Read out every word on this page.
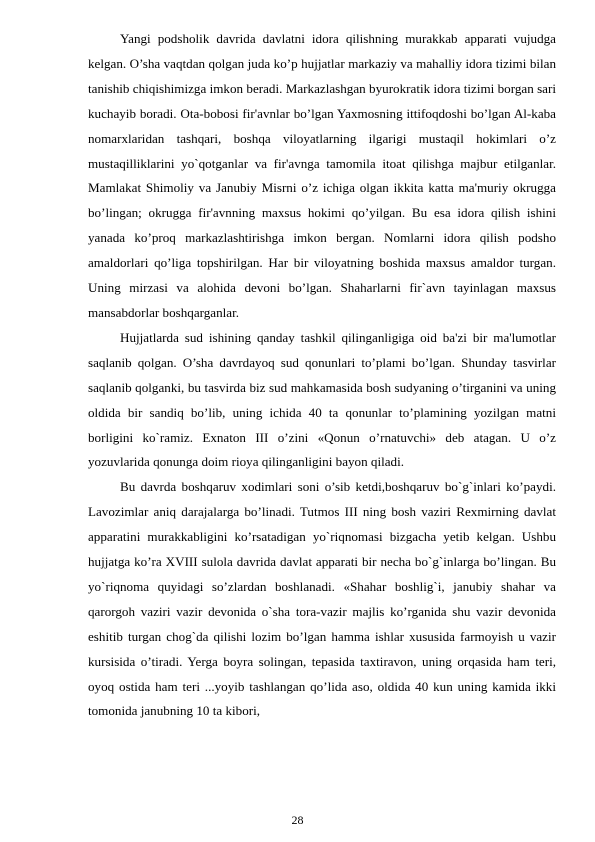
Yangi podsholik davrida davlatni idora qilishning murakkab apparati vujudga kelgan. O’sha vaqtdan qolgan juda ko’p hujjatlar markaziy va mahalliy idora tizimi bilan tanishib chiqishimizga imkon beradi. Markazlashgan byurokratik idora tizimi borgan sari kuchayib boradi. Ota-bobosi fir'avnlar bo’lgan Yaxmosning ittifoqdoshi bo’lgan Al-kaba nomarxlaridan tashqari, boshqa viloyatlarning ilgarigi mustaqil hokimlari o’z mustaqilliklarini yo`qotganlar va fir'avnga tamomila itoat qilishga majbur etilganlar. Mamlakat Shimoliy va Janubiy Misrni o’z ichiga olgan ikkita katta ma'muriy okrugga bo’lingan; okrugga fir'avnning maxsus hokimi qo’yilgan. Bu esa idora qilish ishini yanada ko’proq markazlashtirishga imkon bergan. Nomlarni idora qilish podsho amaldorlari qo’liga topshirilgan. Har bir viloyatning boshida maxsus amaldor turgan. Uning mirzasi va alohida devoni bo’lgan. Shaharlarni fir`avn tayinlagan maxsus mansabdorlar boshqarganlar.

Hujjatlarda sud ishining qanday tashkil qilinganligiga oid ba'zi bir ma'lumotlar saqlanib qolgan. O’sha davrdayoq sud qonunlari to’plami bo’lgan. Shunday tasvirlar saqlanib qolganki, bu tasvirda biz sud mahkamasida bosh sudyaning o’tirganini va uning oldida bir sandiq bo’lib, uning ichida 40 ta qonunlar to’plamining yozilgan matni borligini ko`ramiz. Exnaton III o’zini «Qonun o’rnatuvchi» deb atagan. U o’z yozuvlarida qonunga doim rioya qilinganligini bayon qiladi.

Bu davrda boshqaruv xodimlari soni o’sib ketdi,boshqaruv bo`g`inlari ko’paydi. Lavozimlar aniq darajalarga bo’linadi. Tutmos III ning bosh vaziri Rexmirning davlat apparatini murakkabligini ko’rsatadigan yo`riqnomasi bizgacha yetib kelgan. Ushbu hujjatga ko’ra XVIII sulola davrida davlat apparati bir necha bo`g`inlarga bo’lingan. Bu yo`riqnoma quyidagi so’zlardan boshlanadi. «Shahar boshlig`i, janubiy shahar va qarorgoh vaziri vazir devonida o`sha tora-vazir majlis ko’rganida shu vazir devonida eshitib turgan chog`da qilishi lozim bo’lgan hamma ishlar xususida farmoyish u vazir kursisida o’tiradi. Yerga boyra solingan, tepasida taxtiravon, uning orqasida ham teri, oyoq ostida ham teri ...yoyib tashlangan qo’lida aso, oldida 40 kun uning kamida ikki tomonida janubning 10 ta kibori,

28
